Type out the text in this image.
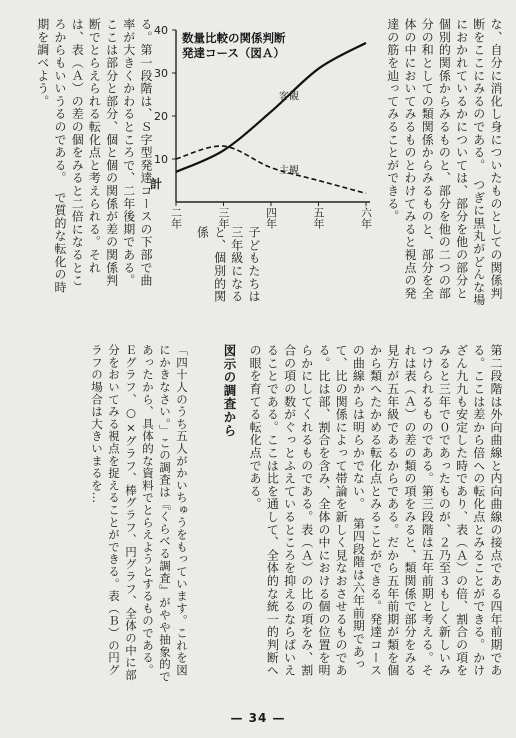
な、自分に消化し身についたものとしての関係判断をここにみるのである。　つぎに黒丸がどんな場におかれているかについては、部分を他の部分と個別的関係からみるものと、部分を他の二つの部分の和としての類関係からみるものと、部分を全体の中においてみるものとわけてみると視点の発達の筋を辿ってみることができる。

子どもたちは三年級になると、個別的関係

る。第一段階は、Ｓ字型発達コースの下部で曲率が大きくかわるところで、二年後期である。ここは部分と部分、個と個の関係が差の関係判断でとらえられる転化点と考えられる。それは、表（Ａ）の差の個をみると二倍になるところからもいいうるのである。　で質的な転化の時期を調べよう。

10
20
30
40
計
二年	三年	四年	五年	六年
客観
主観
数量比較の関係判断
発達コース（図Ａ）

第二段階は外向曲線と内向曲線の接点である四年前期である。ここは差から倍への転化点とみることができる。かけざん九九も安定した時であり、表（Ａ）の倍、割合の項をみると三年で０であったものが、２乃至３もしく新しいみつけられるものである。第三段階は五年前期と考える。それは表（Ａ）の差の類の項をみると、類関係で部分をみる見方が五年級であるからである。だから五年前期が類を個から類へたかめる転化点とみることができる。発達コースの曲線からは明らかでない。　第四段階は六年前期であって、比の関係によって帯論を新しく見なおさせるものである。比は部、割合を含み、全体の中における個の位置を明らかにしてくれるものである。表（Ａ）の比の項をみ、割合の項の数がぐっとふえているところを抑えるならばいえることである。ここは比を通して、全体的な統一的判断への眼を育てる転化点である。

図示の調査から

「四十人のうち五人がかいちゅうをもっています。これを図にかきなさい。」この調査は『くらべる調査』がやや抽象的であったから、具体的な資料でとらえようとするものである。Ｅグラフ、○×グラフ、棒グラフ、円グラフ、全体の中に部分をおいてみる視点を捉えることができる。表（Ｂ）の円グラフの場合は大きいまるを…

— 34 —
